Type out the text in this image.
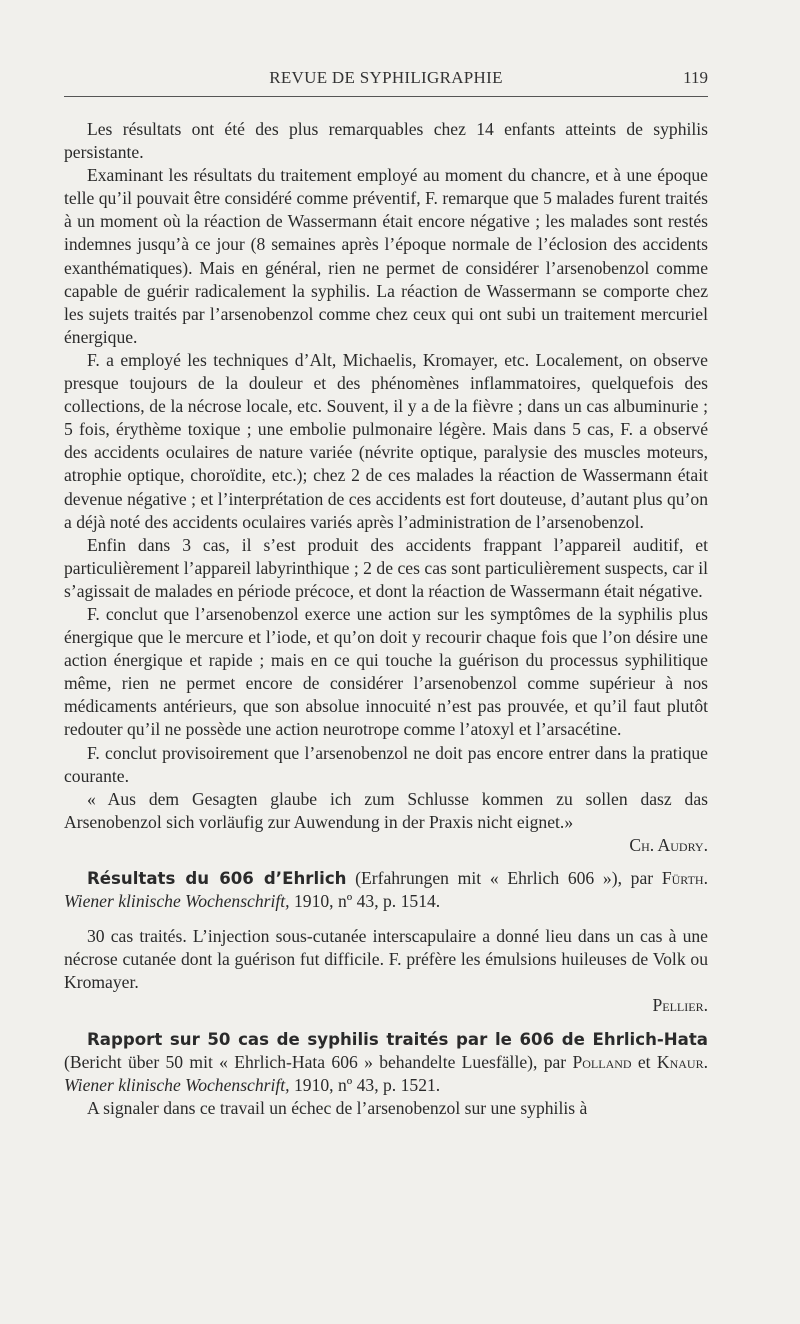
REVUE DE SYPHILIGRAPHIE	119

Les résultats ont été des plus remarquables chez 14 enfants atteints de syphilis persistante.

Examinant les résultats du traitement employé au moment du chancre, et à une époque telle qu’il pouvait être considéré comme préventif, F. remarque que 5 malades furent traités à un moment où la réaction de Wassermann était encore négative ; les malades sont restés indemnes jusqu’à ce jour (8 semaines après l’époque normale de l’éclosion des accidents exanthématiques). Mais en général, rien ne permet de considérer l’arsenobenzol comme capable de guérir radicalement la syphilis. La réaction de Wassermann se comporte chez les sujets traités par l’arsenobenzol comme chez ceux qui ont subi un traitement mercuriel énergique.

F. a employé les techniques d’Alt, Michaelis, Kromayer, etc. Localement, on observe presque toujours de la douleur et des phénomènes inflammatoires, quelquefois des collections, de la nécrose locale, etc. Souvent, il y a de la fièvre ; dans un cas albuminurie ; 5 fois, érythème toxique ; une embolie pulmonaire légère. Mais dans 5 cas, F. a observé des accidents oculaires de nature variée (névrite optique, paralysie des muscles moteurs, atrophie optique, choroïdite, etc.); chez 2 de ces malades la réaction de Wassermann était devenue négative ; et l’interprétation de ces accidents est fort douteuse, d’autant plus qu’on a déjà noté des accidents oculaires variés après l’administration de l’arsenobenzol.

Enfin dans 3 cas, il s’est produit des accidents frappant l’appareil auditif, et particulièrement l’appareil labyrinthique ; 2 de ces cas sont particulièrement suspects, car il s’agissait de malades en période précoce, et dont la réaction de Wassermann était négative.

F. conclut que l’arsenobenzol exerce une action sur les symptômes de la syphilis plus énergique que le mercure et l’iode, et qu’on doit y recourir chaque fois que l’on désire une action énergique et rapide ; mais en ce qui touche la guérison du processus syphilitique même, rien ne permet encore de considérer l’arsenobenzol comme supérieur à nos médicaments antérieurs, que son absolue innocuité n’est pas prouvée, et qu’il faut plutôt redouter qu’il ne possède une action neurotrope comme l’atoxyl et l’arsacétine.

F. conclut provisoirement que l’arsenobenzol ne doit pas encore entrer dans la pratique courante.

« Aus dem Gesagten glaube ich zum Schlusse kommen zu sollen dasz das Arsenobenzol sich vorläufig zur Auwendung in der Praxis nicht eignet.»

Ch. Audry.

Résultats du 606 d’Ehrlich (Erfahrungen mit « Ehrlich 606 »), par Fürth. Wiener klinische Wochenschrift, 1910, nº 43, p. 1514.

30 cas traités. L’injection sous-cutanée interscapulaire a donné lieu dans un cas à une nécrose cutanée dont la guérison fut difficile. F. préfère les émulsions huileuses de Volk ou Kromayer.

Pellier.

Rapport sur 50 cas de syphilis traités par le 606 de Ehrlich-Hata (Bericht über 50 mit « Ehrlich-Hata 606 » behandelte Luesfälle), par Polland et Knaur. Wiener klinische Wochenschrift, 1910, nº 43, p. 1521.

A signaler dans ce travail un échec de l’arsenobenzol sur une syphilis à
